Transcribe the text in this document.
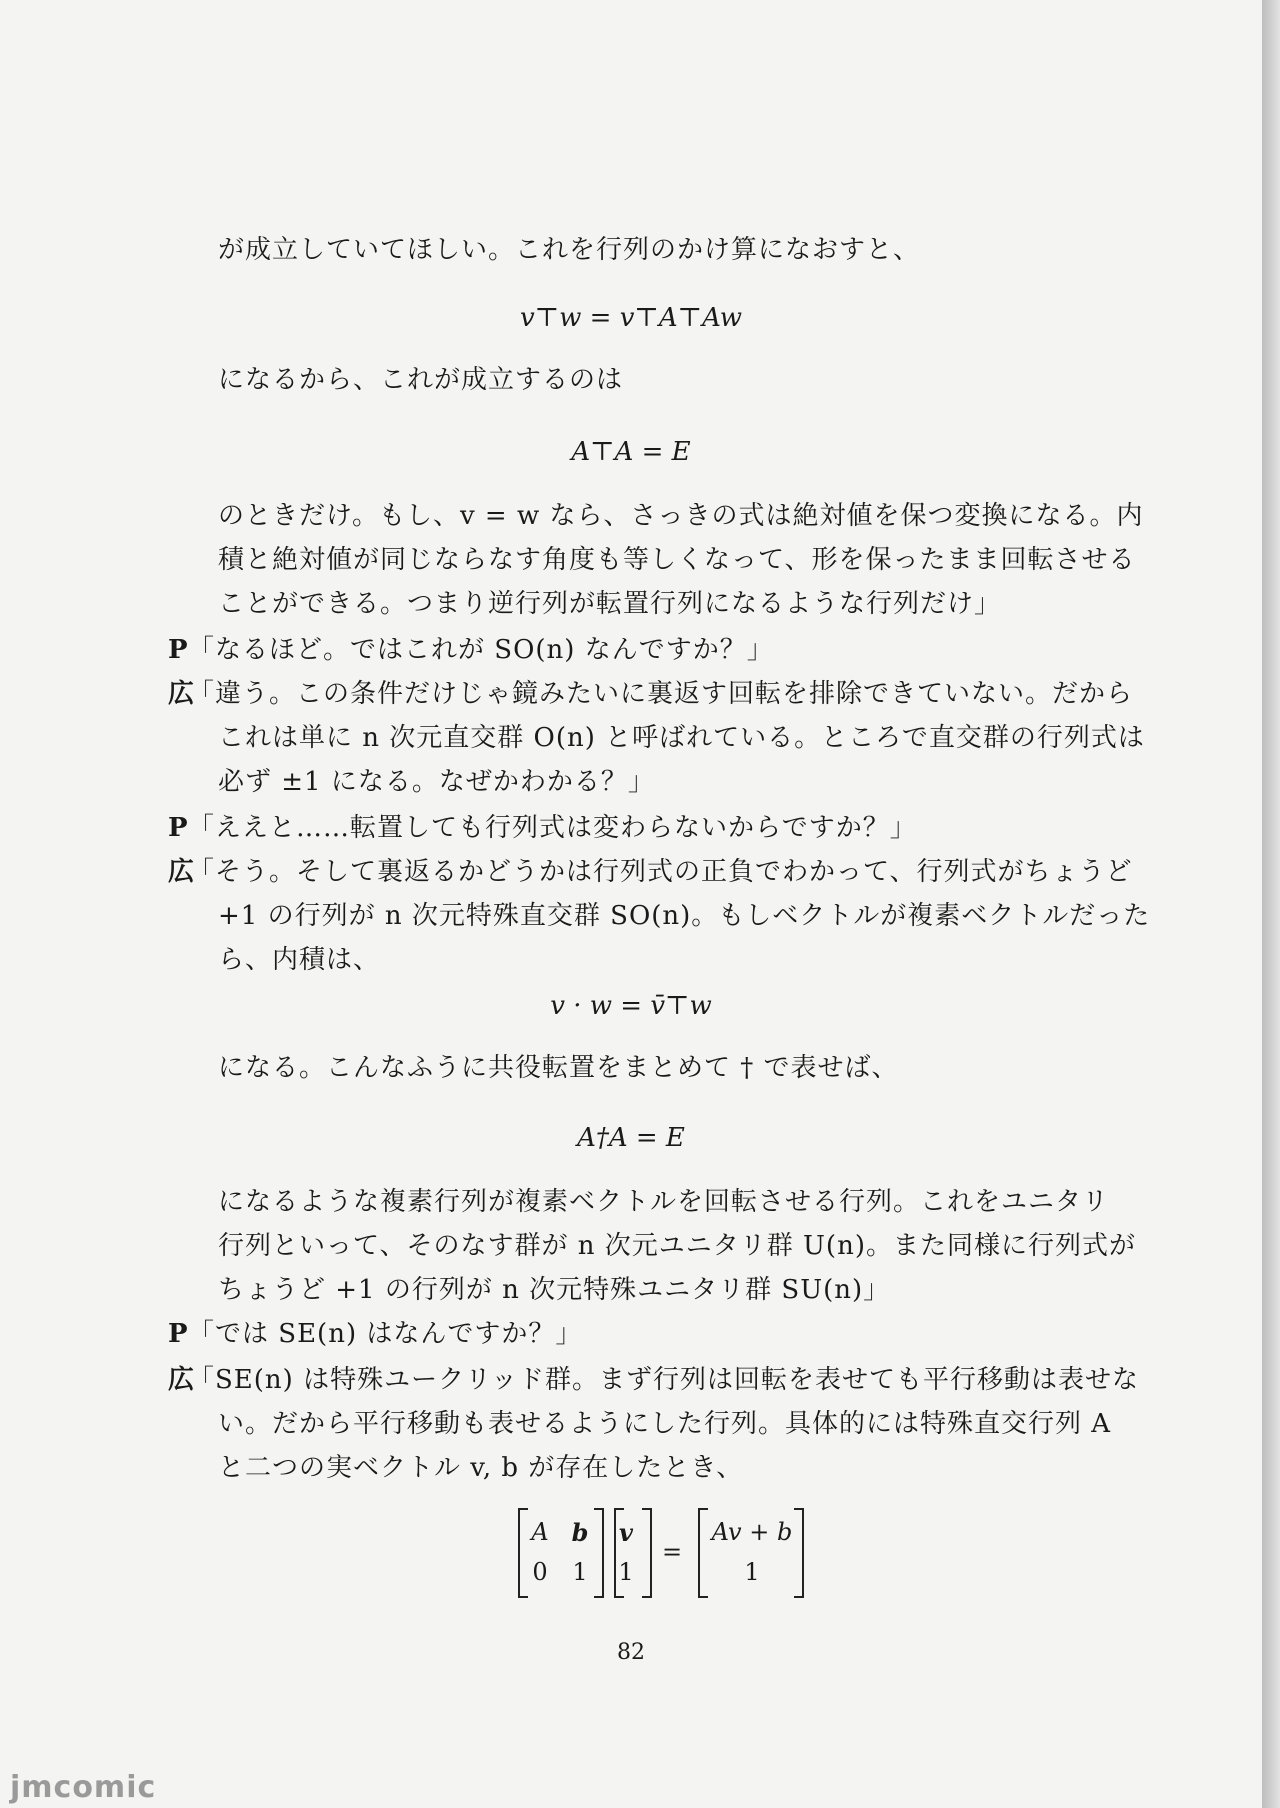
が成立していてほしい。これを行列のかけ算になおすと、
v⊤w = v⊤A⊤Aw
になるから、これが成立するのは
A⊤A = E
のときだけ。もし、v = w なら、さっきの式は絶対値を保つ変換になる。内
積と絶対値が同じならなす角度も等しくなって、形を保ったまま回転させる
ことができる。つまり逆行列が転置行列になるような行列だけ」
P 「なるほど。ではこれが SO(n) なんですか？」
広
「違う。この条件だけじゃ鏡みたいに裏返す回転を排除できていない。だから
これは単に n 次元直交群 O(n) と呼ばれている。ところで直交群の行列式は
必ず ±1 になる。なぜかわかる？」
P 「ええと……転置しても行列式は変わらないからですか？」
広
「そう。そして裏返るかどうかは行列式の正負でわかって、行列式がちょうど
+1 の行列が n 次元特殊直交群 SO(n)。もしベクトルが複素ベクトルだった
ら、内積は、
v · w = v̄⊤w
になる。こんなふうに共役転置をまとめて † で表せば、
A†A = E
になるような複素行列が複素ベクトルを回転させる行列。これをユニタリ
行列といって、そのなす群が n 次元ユニタリ群 U(n)。また同様に行列式が
ちょうど +1 の行列が n 次元特殊ユニタリ群 SU(n)」
P 「では SE(n) はなんですか？」
広
「SE(n) は特殊ユークリッド群。まず行列は回転を表せても平行移動は表せな
い。だから平行移動も表せるようにした行列。具体的には特殊直交行列 A
と二つの実ベクトル v, b が存在したとき、
A b
0	1
v
1
=
Av + b
1
82
jmcomic
